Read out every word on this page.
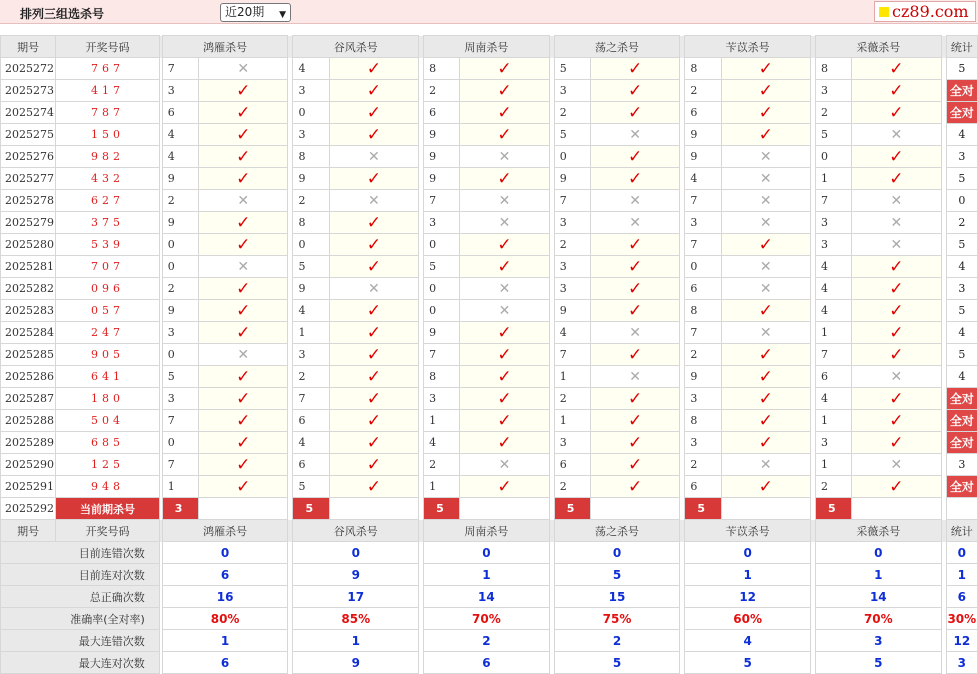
排列三组选杀号	近20期 ▼	cz89.com
期号	开奖号码		鸿雁杀号			谷风杀号			周南杀号			荡之杀号			苄苡杀号			采薇杀号			统计
2025272	767		7	✕		4	✓		8	✓		5	✓		8	✓		8	✓		5
2025273	417		3	✓		3	✓		2	✓		3	✓		2	✓		3	✓		全对
2025274	787		6	✓		0	✓		6	✓		2	✓		6	✓		2	✓		全对
2025275	150		4	✓		3	✓		9	✓		5	✕		9	✓		5	✕		4
2025276	982		4	✓		8	✕		9	✕		0	✓		9	✕		0	✓		3
2025277	432		9	✓		9	✓		9	✓		9	✓		4	✕		1	✓		5
2025278	627		2	✕		2	✕		7	✕		7	✕		7	✕		7	✕		0
2025279	375		9	✓		8	✓		3	✕		3	✕		3	✕		3	✕		2
2025280	539		0	✓		0	✓		0	✓		2	✓		7	✓		3	✕		5
2025281	707		0	✕		5	✓		5	✓		3	✓		0	✕		4	✓		4
2025282	096		2	✓		9	✕		0	✕		3	✓		6	✕		4	✓		3
2025283	057		9	✓		4	✓		0	✕		9	✓		8	✓		4	✓		5
2025284	247		3	✓		1	✓		9	✓		4	✕		7	✕		1	✓		4
2025285	905		0	✕		3	✓		7	✓		7	✓		2	✓		7	✓		5
2025286	641		5	✓		2	✓		8	✓		1	✕		9	✓		6	✕		4
2025287	180		3	✓		7	✓		3	✓		2	✓		3	✓		4	✓		全对
2025288	504		7	✓		6	✓		1	✓		1	✓		8	✓		1	✓		全对
2025289	685		0	✓		4	✓		4	✓		3	✓		3	✓		3	✓		全对
2025290	125		7	✓		6	✓		2	✕		6	✓		2	✕		1	✕		3
2025291	948		1	✓		5	✓		1	✓		2	✓		6	✓		2	✓		全对
2025292	当前期杀号		3			5			5			5			5			5			
期号	开奖号码		鸿雁杀号			谷风杀号			周南杀号			荡之杀号			苄苡杀号			采薇杀号			统计
目前连错次数			0			0			0			0			0			0			0
目前连对次数			6			9			1			5			1			1			1
总正确次数			16			17			14			15			12			14			6
准确率(全对率)			80%			85%			70%			75%			60%			70%			30%
最大连错次数			1			1			2			2			4			3			12
最大连对次数			6			9			6			5			5			5			3
